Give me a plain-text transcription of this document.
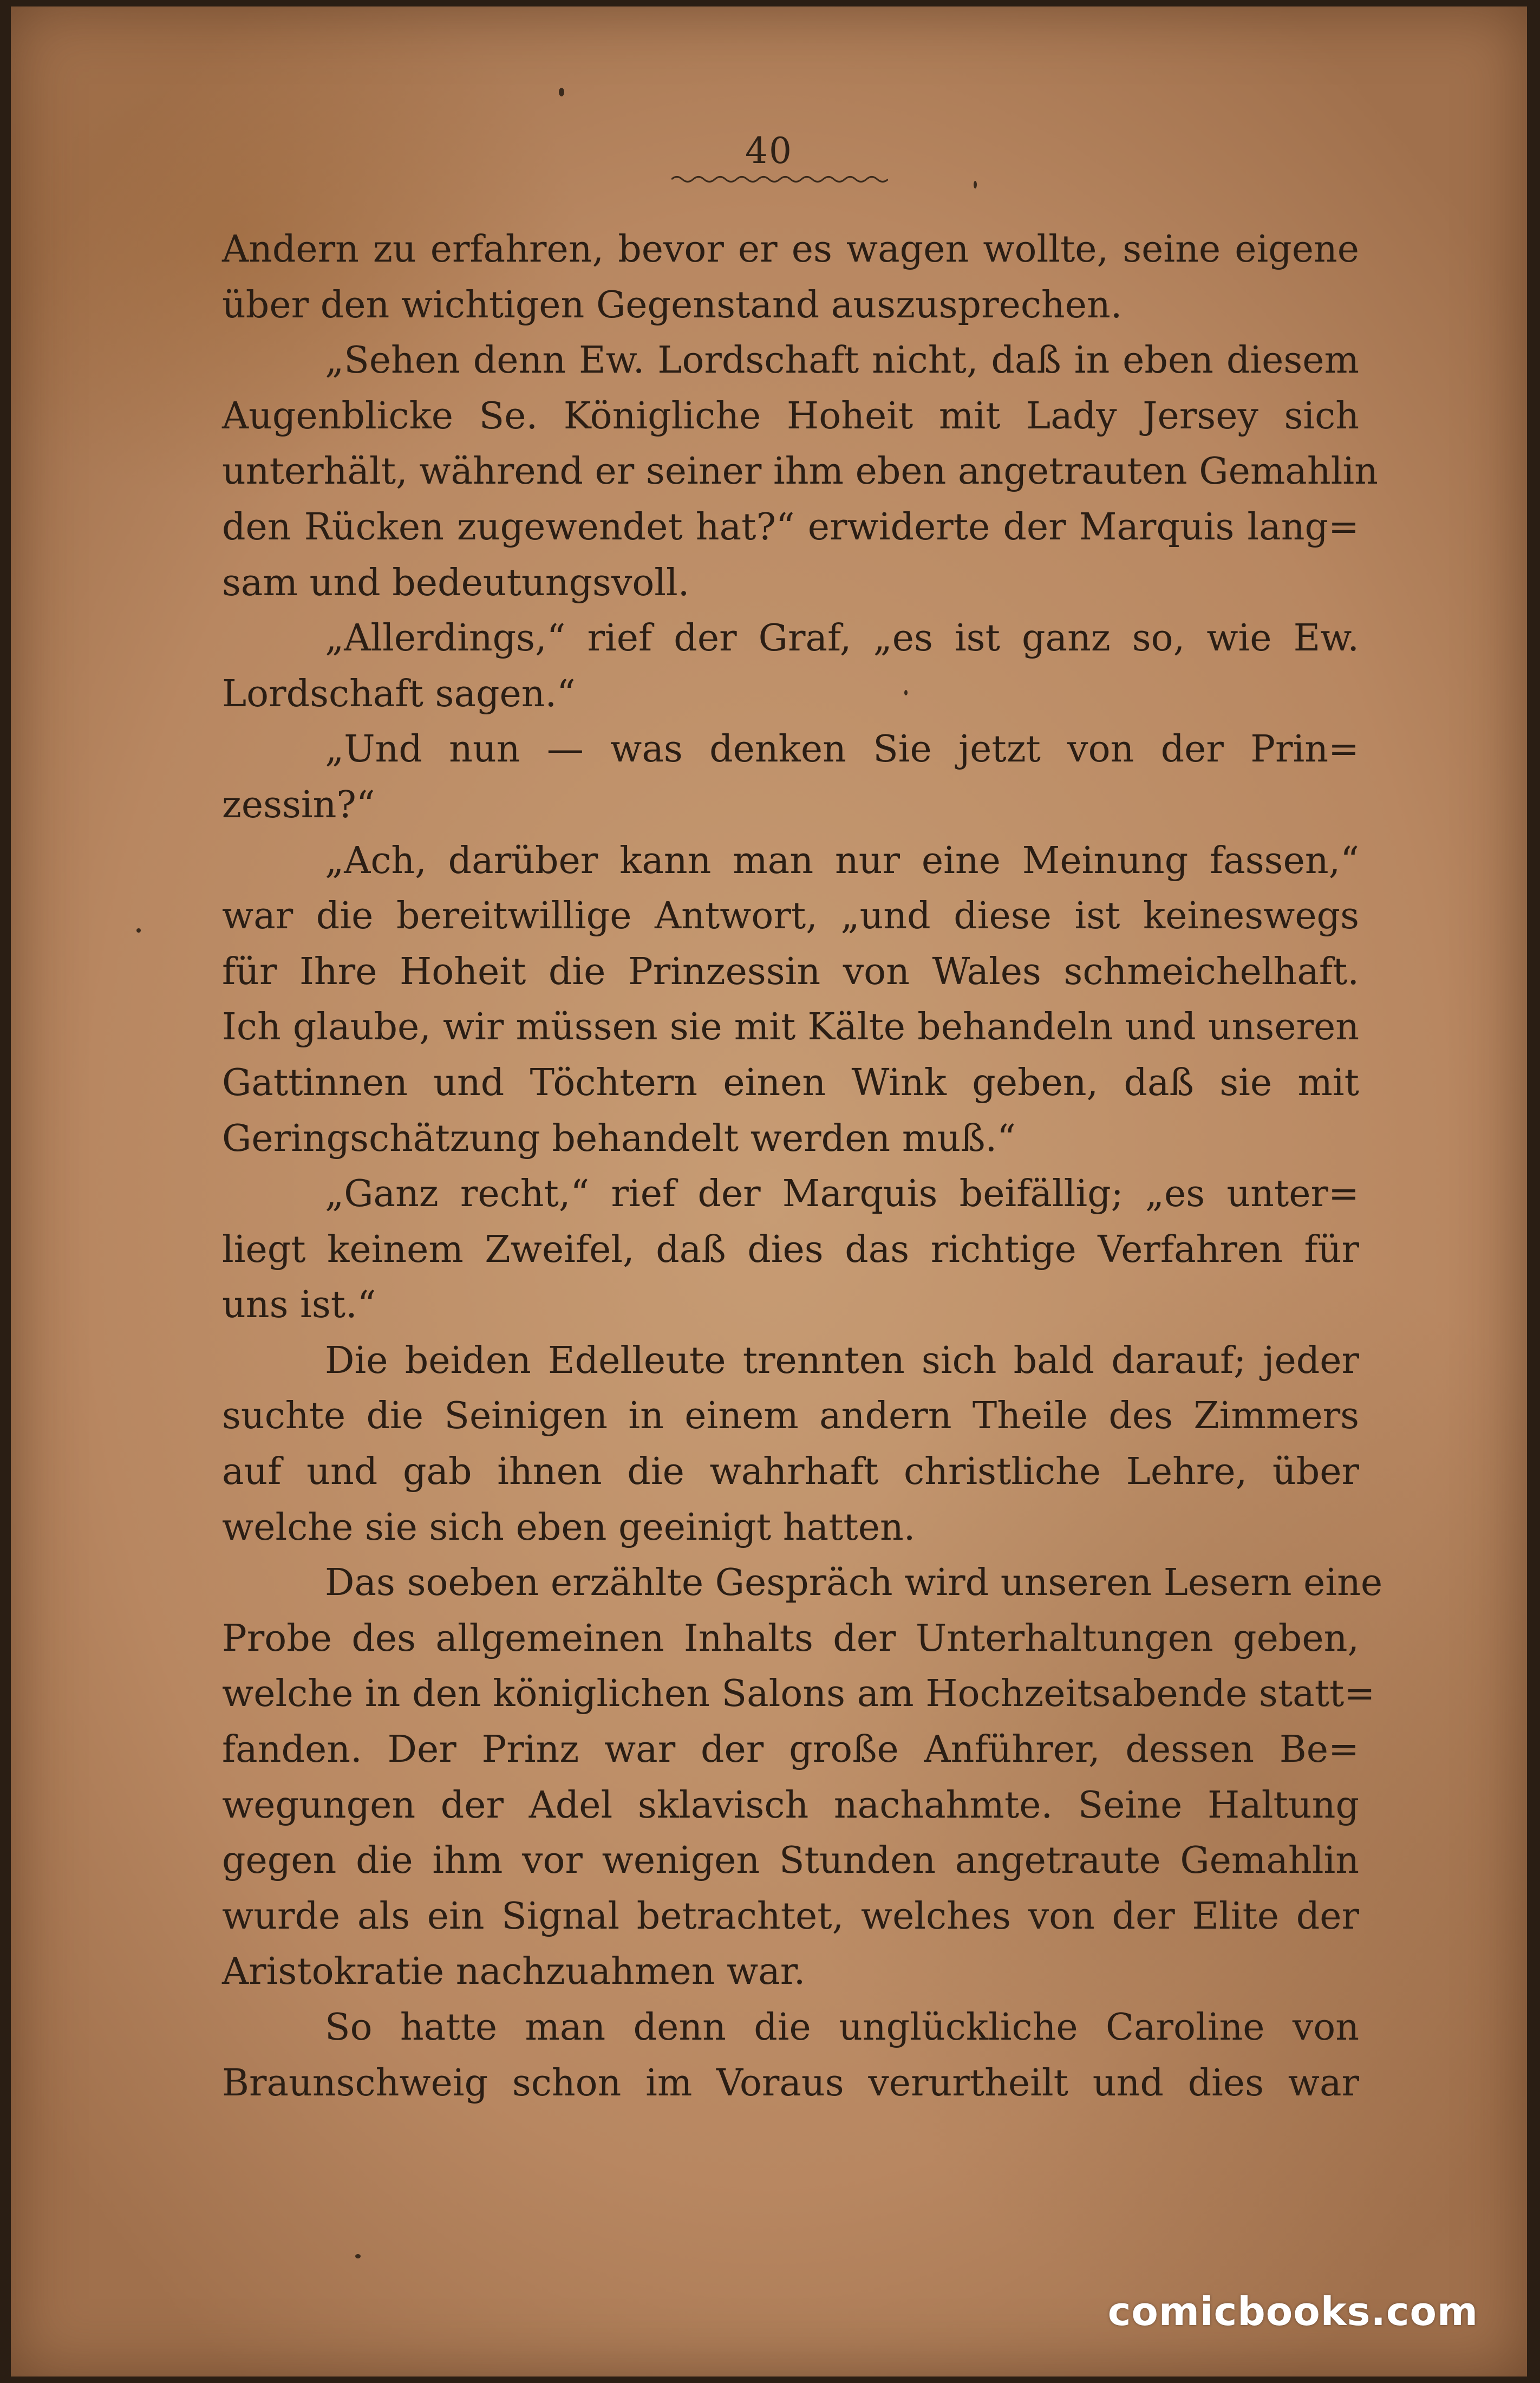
40
Andern zu erfahren, bevor er es wagen wollte, seine eigene
über den wichtigen Gegenstand auszusprechen.
„Sehen denn Ew. Lordschaft nicht, daß in eben diesem
Augenblicke Se. Königliche Hoheit mit Lady Jersey sich
unterhält, während er seiner ihm eben angetrauten Gemahlin
den Rücken zugewendet hat?“ erwiderte der Marquis lang=
sam und bedeutungsvoll.
„Allerdings,“ rief der Graf, „es ist ganz so, wie Ew.
Lordschaft sagen.“
„Und nun — was denken Sie jetzt von der Prin=
zessin?“
„Ach, darüber kann man nur eine Meinung fassen,“
war die bereitwillige Antwort, „und diese ist keineswegs
für Ihre Hoheit die Prinzessin von Wales schmeichelhaft.
Ich glaube, wir müssen sie mit Kälte behandeln und unseren
Gattinnen und Töchtern einen Wink geben, daß sie mit
Geringschätzung behandelt werden muß.“
„Ganz recht,“ rief der Marquis beifällig; „es unter=
liegt keinem Zweifel, daß dies das richtige Verfahren für
uns ist.“
Die beiden Edelleute trennten sich bald darauf; jeder
suchte die Seinigen in einem andern Theile des Zimmers
auf und gab ihnen die wahrhaft christliche Lehre, über
welche sie sich eben geeinigt hatten.
Das soeben erzählte Gespräch wird unseren Lesern eine
Probe des allgemeinen Inhalts der Unterhaltungen geben,
welche in den königlichen Salons am Hochzeitsabende statt=
fanden. Der Prinz war der große Anführer, dessen Be=
wegungen der Adel sklavisch nachahmte. Seine Haltung
gegen die ihm vor wenigen Stunden angetraute Gemahlin
wurde als ein Signal betrachtet, welches von der Elite der
Aristokratie nachzuahmen war.
So hatte man denn die unglückliche Caroline von
Braunschweig schon im Voraus verurtheilt und dies war
comicbooks.com
